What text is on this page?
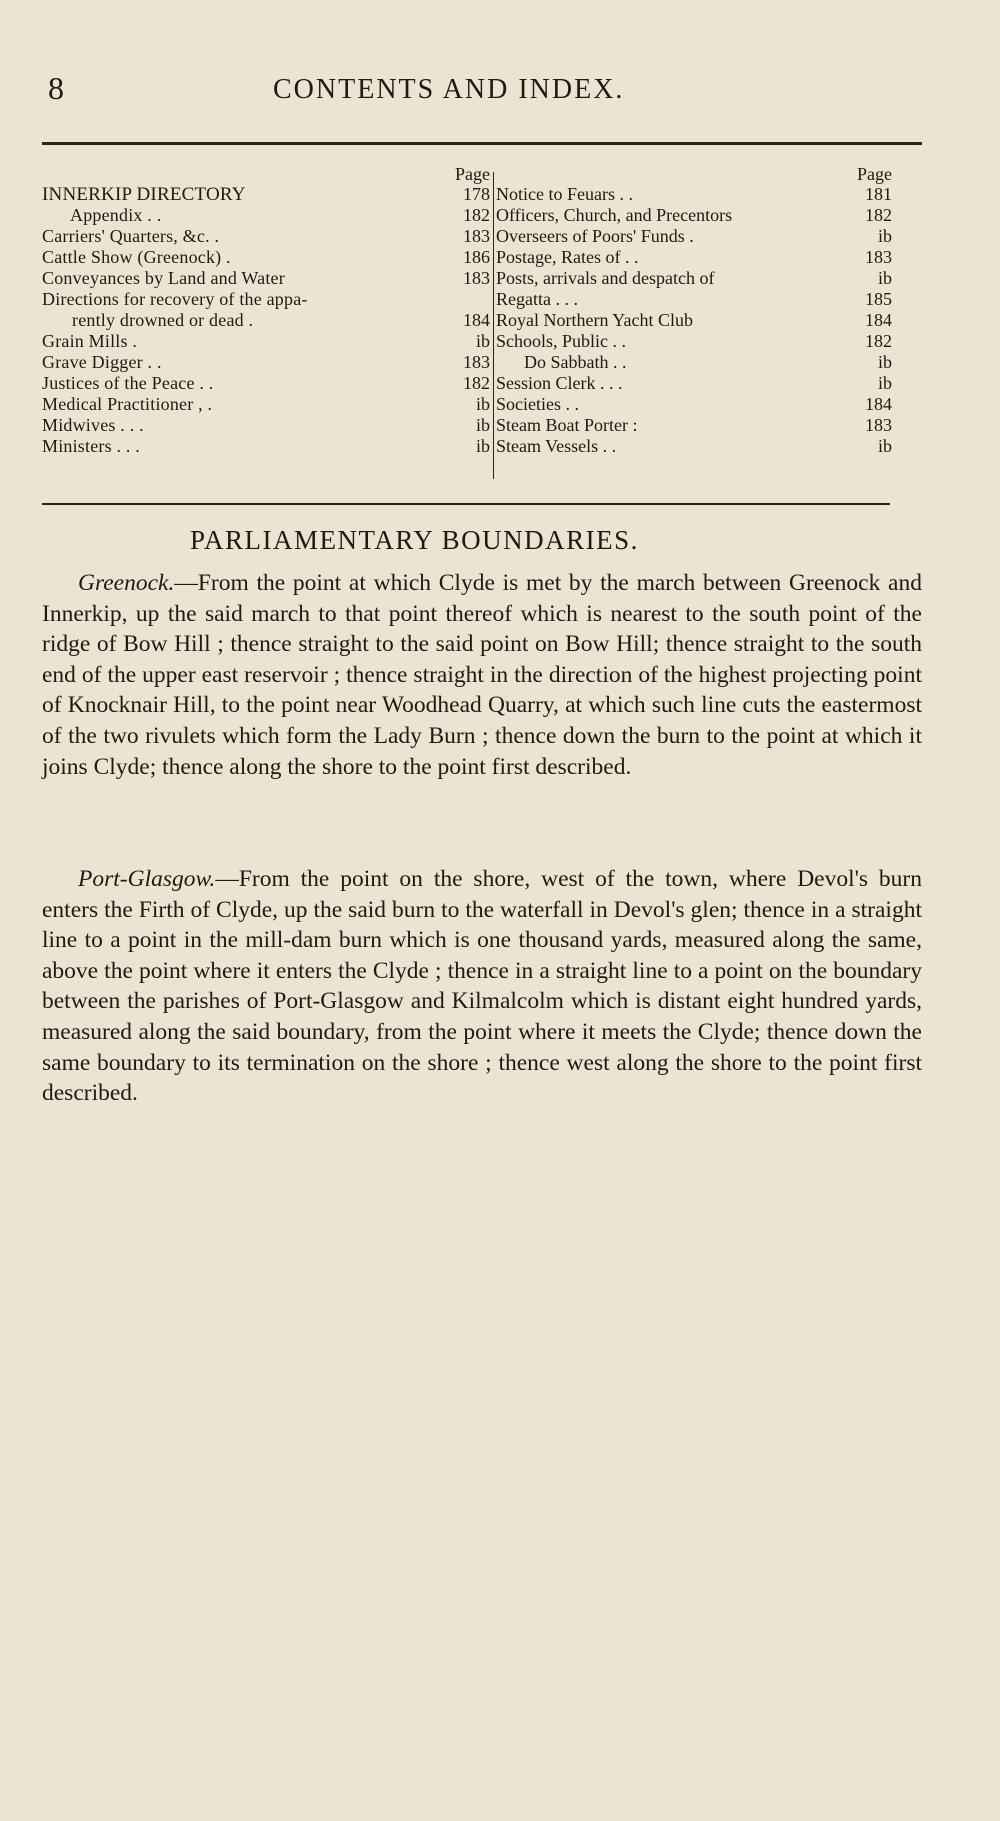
8	CONTENTS AND INDEX.
Page
INNERKIP DIRECTORY	178
Appendix . .	182
Carriers' Quarters, &c. .	183
Cattle Show (Greenock) .	186
Conveyances by Land and Water	183
Directions for recovery of the appa-
rently drowned or dead .	184
Grain Mills .	ib
Grave Digger . .	183
Justices of the Peace . .	182
Medical Practitioner , .	ib
Midwives . . .	ib
Ministers . . .	ib
Page
Notice to Feuars . .	181
Officers, Church, and Precentors	182
Overseers of Poors' Funds .	ib
Postage, Rates of . .	183
Posts, arrivals and despatch of	ib
Regatta . . .	185
Royal Northern Yacht Club	184
Schools, Public . .	182
Do Sabbath . .	ib
Session Clerk . . .	ib
Societies . .	184
Steam Boat Porter :	183
Steam Vessels . .	ib
PARLIAMENTARY BOUNDARIES.

Greenock.—From the point at which Clyde is met by the march between Greenock and Innerkip, up the said march to that point thereof which is nearest to the south point of the ridge of Bow Hill ; thence straight to the said point on Bow Hill; thence straight to the south end of the upper east reservoir ; thence straight in the direction of the highest projecting point of Knocknair Hill, to the point near Woodhead Quarry, at which such line cuts the eastermost of the two rivulets which form the Lady Burn ; thence down the burn to the point at which it joins Clyde; thence along the shore to the point first described.

Port-Glasgow.—From the point on the shore, west of the town, where Devol's burn enters the Firth of Clyde, up the said burn to the waterfall in Devol's glen; thence in a straight line to a point in the mill-dam burn which is one thousand yards, measured along the same, above the point where it enters the Clyde ; thence in a straight line to a point on the boundary between the parishes of Port-Glasgow and Kilmalcolm which is distant eight hundred yards, measured along the said boundary, from the point where it meets the Clyde; thence down the same boundary to its termination on the shore ; thence west along the shore to the point first described.
